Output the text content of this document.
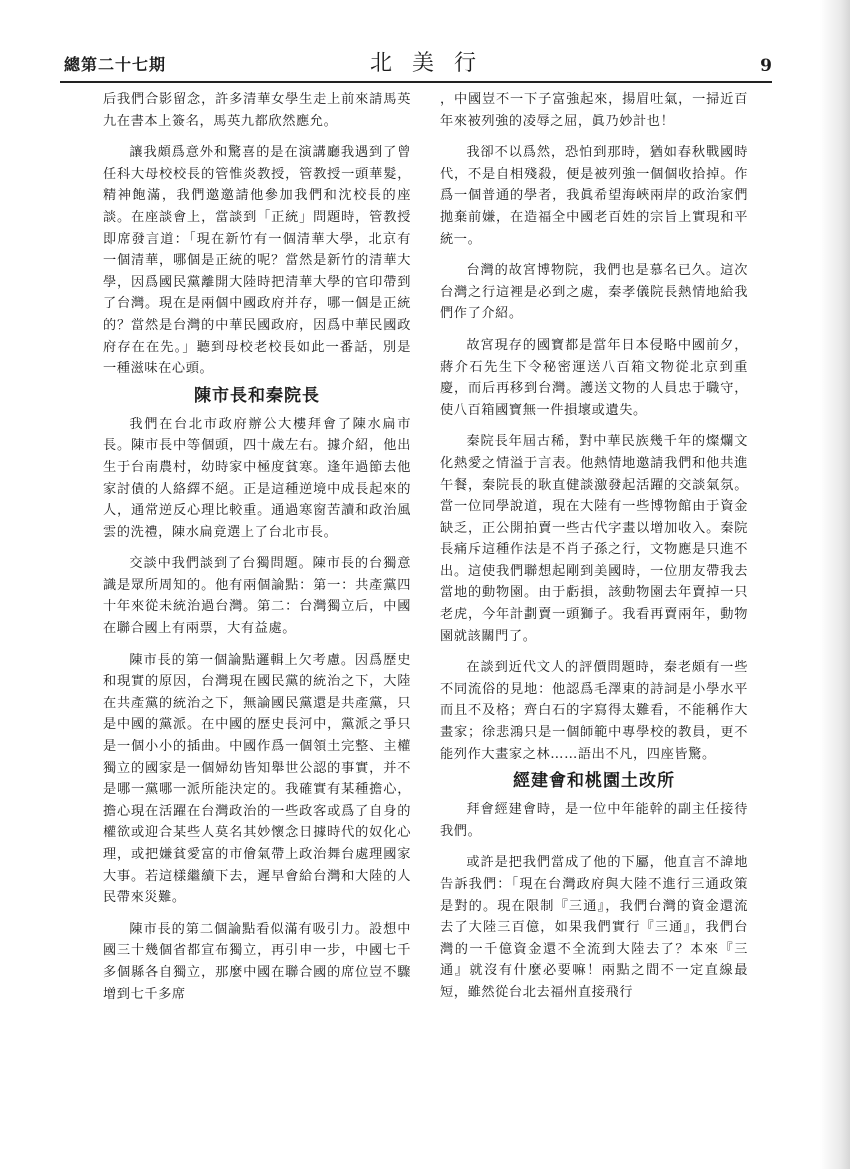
總第二十七期	北美行	9

后我們合影留念，許多清華女學生走上前來請馬英九在書本上簽名，馬英九都欣然應允。

讓我頗爲意外和驚喜的是在演講廳我遇到了曾任科大母校校長的管惟炎教授，管教授一頭華髮，精神飽滿，我們邀邀請他參加我們和沈校長的座談。在座談會上，當談到「正統」問題時，管教授即席發言道：「現在新竹有一個清華大學，北京有一個清華，哪個是正統的呢？當然是新竹的清華大學，因爲國民黨離開大陸時把清華大學的官印帶到了台灣。現在是兩個中國政府并存，哪一個是正統的？當然是台灣的中華民國政府，因爲中華民國政府存在在先。」聽到母校老校長如此一番話，別是一種滋味在心頭。

陳市長和秦院長

我們在台北市政府辦公大樓拜會了陳水扁市長。陳市長中等個頭，四十歲左右。據介紹，他出生于台南農村，幼時家中極度貧寒。逢年過節去他家討債的人絡繹不絕。正是這種逆境中成長起來的人，通常逆反心理比較重。通過寒窗苦讀和政治風雲的洗禮，陳水扁竟選上了台北市長。

交談中我們談到了台獨問題。陳市長的台獨意識是眾所周知的。他有兩個論點：第一：共產黨四十年來從未統治過台灣。第二：台灣獨立后，中國在聯合國上有兩票，大有益處。

陳市長的第一個論點邏輯上欠考慮。因爲歷史和現實的原因，台灣現在國民黨的統治之下，大陸在共產黨的統治之下，無論國民黨還是共產黨，只是中國的黨派。在中國的歷史長河中，黨派之爭只是一個小小的插曲。中國作爲一個領土完整、主權獨立的國家是一個婦幼皆知舉世公認的事實，并不是哪一黨哪一派所能決定的。我確實有某種擔心，擔心現在活躍在台灣政治的一些政客或爲了自身的權欲或迎合某些人莫名其妙懷念日據時代的奴化心理，或把嫌貧愛富的市儈氣帶上政治舞台處理國家大事。若這樣繼續下去，遲早會給台灣和大陸的人民帶來災難。

陳市長的第二個論點看似滿有吸引力。設想中國三十幾個省都宣布獨立，再引申一步，中國七千多個縣各自獨立，那麼中國在聯合國的席位豈不驟增到七千多席

，中國豈不一下子富強起來，揚眉吐氣，一掃近百年來被列強的凌辱之屈，眞乃妙計也！

我卻不以爲然，恐怕到那時，猶如春秋戰國時代，不是自相殘殺，便是被列強一個個收拾掉。作爲一個普通的學者，我眞希望海峽兩岸的政治家們拋棄前嫌，在造福全中國老百姓的宗旨上實現和平統一。

台灣的故宮博物院，我們也是慕名已久。這次台灣之行這裡是必到之處，秦孝儀院長熱情地給我們作了介紹。

故宮現存的國寶都是當年日本侵略中國前夕，蔣介石先生下令秘密運送八百箱文物從北京到重慶，而后再移到台灣。護送文物的人員忠于職守，使八百箱國寶無一件損壞或遺失。

秦院長年屆古稀，對中華民族幾千年的燦爛文化熱愛之情溢于言表。他熱情地邀請我們和他共進午餐，秦院長的耿直健談激發起活躍的交談氣氛。當一位同學說道，現在大陸有一些博物館由于資金缺乏，正公開拍賣一些古代字畫以增加收入。秦院長痛斥這種作法是不肖子孫之行，文物應是只進不出。這使我們聯想起剛到美國時，一位朋友帶我去當地的動物園。由于虧損，該動物園去年賣掉一只老虎，今年計劃賣一頭獅子。我看再賣兩年，動物園就該關門了。

在談到近代文人的評價問題時，秦老頗有一些不同流俗的見地：他認爲毛澤東的詩詞是小學水平而且不及格；齊白石的字寫得太難看，不能稱作大畫家；徐悲鴻只是一個師範中專學校的教員，更不能列作大畫家之林……語出不凡，四座皆驚。

經建會和桃園土改所

拜會經建會時，是一位中年能幹的副主任接待我們。

或許是把我們當成了他的下屬，他直言不諱地告訴我們：「現在台灣政府與大陸不進行三通政策是對的。現在限制『三通』，我們台灣的資金還流去了大陸三百億，如果我們實行『三通』，我們台灣的一千億資金還不全流到大陸去了？本來『三通』就沒有什麼必要嘛！兩點之間不一定直線最短，雖然從台北去福州直接飛行
